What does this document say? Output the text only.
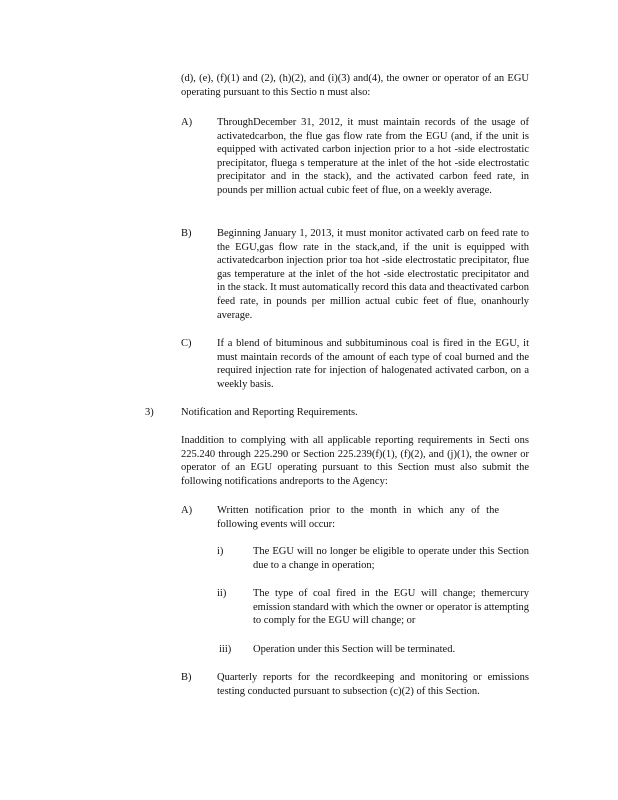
(d), (e), (f)(1) and (2), (h)(2), and (i)(3) and(4), the owner or operator of an EGU operating pursuant to this Sectio n must also:

A) ThroughDecember 31, 2012, it must maintain records of the usage of activatedcarbon, the flue gas flow rate from the EGU (and, if the unit is equipped with activated carbon injection prior to a hot -side electrostatic precipitator, fluega s temperature at the inlet of the hot -side electrostatic precipitator and in the stack), and the activated carbon feed rate, in pounds per million actual cubic feet of flue, on a weekly average.

B) Beginning January 1, 2013, it must monitor activated carb on feed rate to the EGU,gas flow rate in the stack,and, if the unit is equipped with activatedcarbon injection prior toa hot -side electrostatic precipitator, flue gas temperature at the inlet of the hot -side electrostatic precipitator and in the stack. It must automatically record this data and theactivated carbon feed rate, in pounds per million actual cubic feet of flue, onanhourly average.

C) If a blend of bituminous and subbituminous coal is fired in the EGU, it must maintain records of the amount of each type of coal burned and the required injection rate for injection of halogenated activated carbon, on a weekly basis.

3)	Notification and Reporting Requirements.

Inaddition to complying with all applicable reporting requirements in Secti ons 225.240 through 225.290 or Section 225.239(f)(1), (f)(2), and (j)(1), the owner or operator of an EGU operating pursuant to this Section must also submit the following notifications andreports to the Agency:

A) Written notification prior to the month in which any of the following events will occur:

i)	The EGU will no longer be eligible to operate under this Section due to a change in operation;

ii)	The type of coal fired in the EGU will change; themercury emission standard with which the owner or operator is attempting to comply for the EGU will change; or

iii) Operation under this Section will be terminated.

B) Quarterly reports for the recordkeeping and monitoring or emissions testing conducted pursuant to subsection (c)(2) of this Section.
